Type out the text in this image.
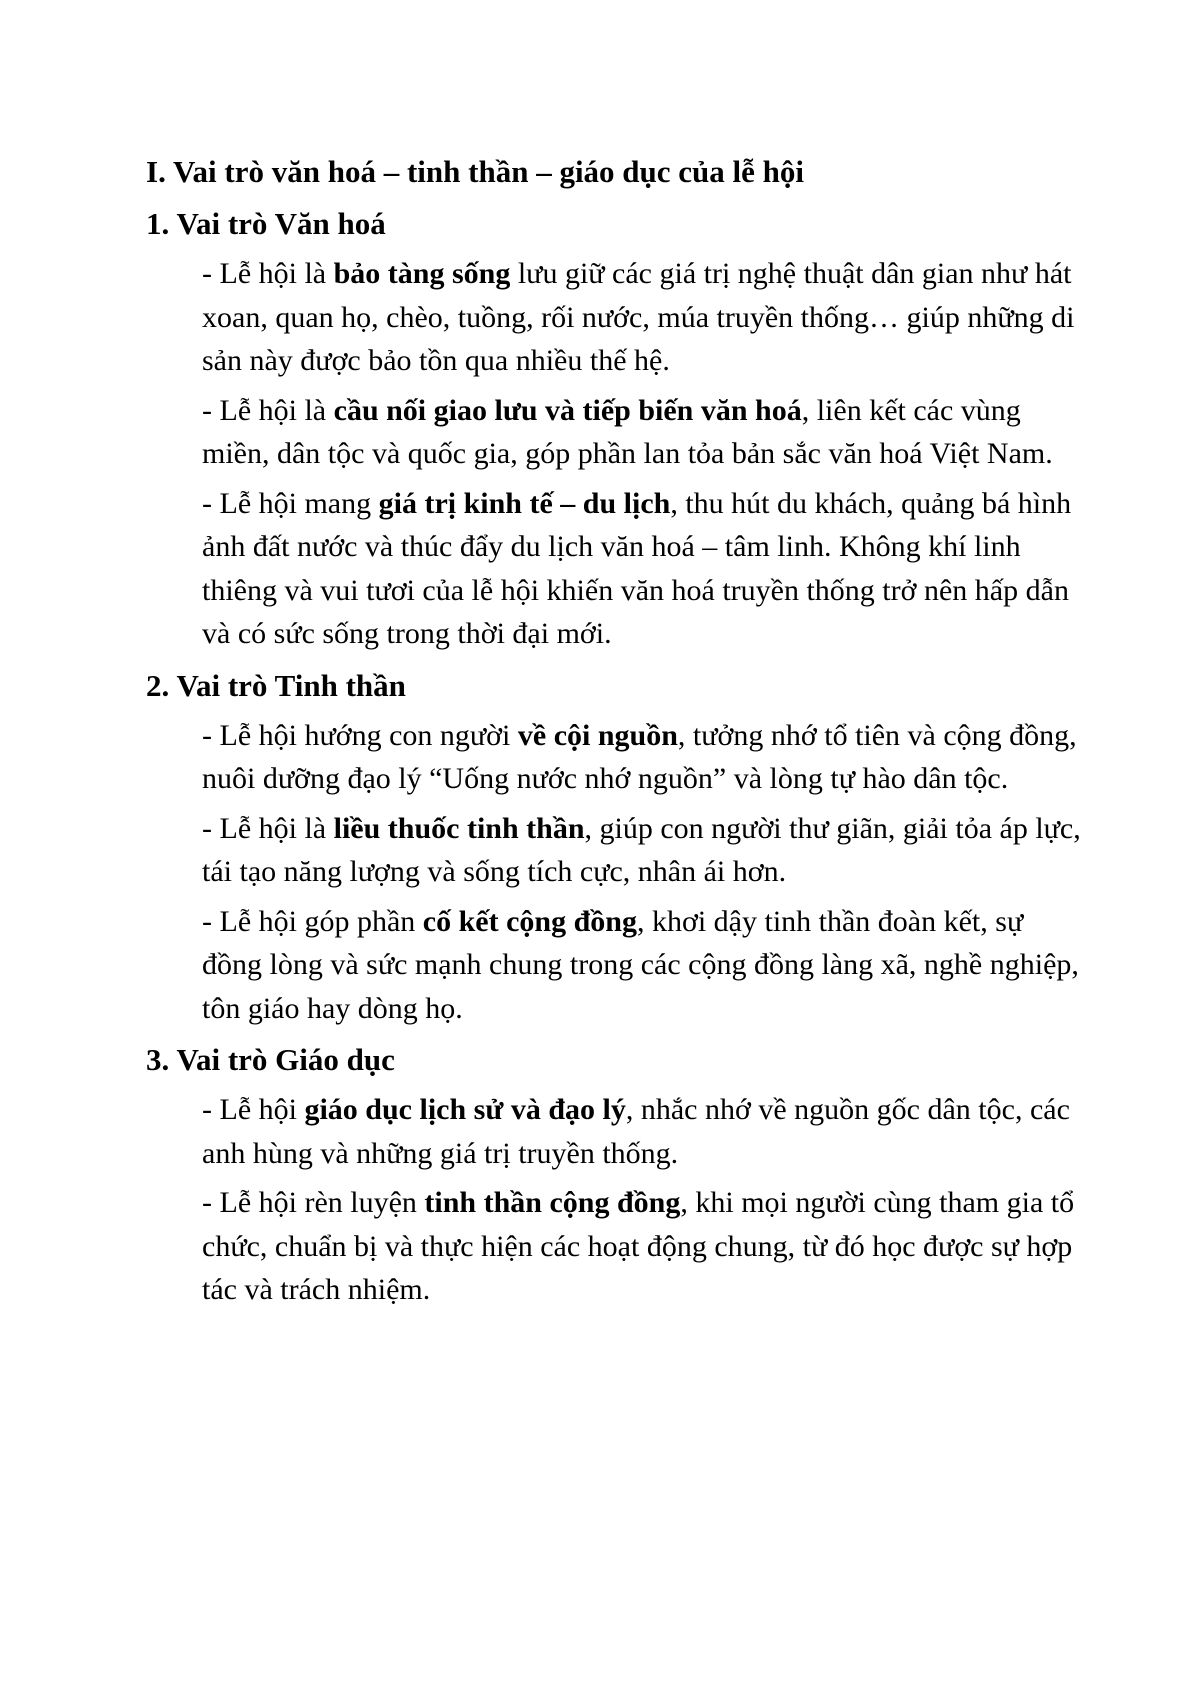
I. Vai trò văn hoá – tinh thần – giáo dục của lễ hội
1. Vai trò Văn hoá

- Lễ hội là bảo tàng sống lưu giữ các giá trị nghệ thuật dân gian như hát xoan, quan họ, chèo, tuồng, rối nước, múa truyền thống… giúp những di sản này được bảo tồn qua nhiều thế hệ.

- Lễ hội là cầu nối giao lưu và tiếp biến văn hoá, liên kết các vùng miền, dân tộc và quốc gia, góp phần lan tỏa bản sắc văn hoá Việt Nam.

- Lễ hội mang giá trị kinh tế – du lịch, thu hút du khách, quảng bá hình ảnh đất nước và thúc đẩy du lịch văn hoá – tâm linh. Không khí linh thiêng và vui tươi của lễ hội khiến văn hoá truyền thống trở nên hấp dẫn và có sức sống trong thời đại mới.

2. Vai trò Tinh thần

- Lễ hội hướng con người về cội nguồn, tưởng nhớ tổ tiên và cộng đồng, nuôi dưỡng đạo lý “Uống nước nhớ nguồn” và lòng tự hào dân tộc.

- Lễ hội là liều thuốc tinh thần, giúp con người thư giãn, giải tỏa áp lực, tái tạo năng lượng và sống tích cực, nhân ái hơn.

- Lễ hội góp phần cố kết cộng đồng, khơi dậy tinh thần đoàn kết, sự đồng lòng và sức mạnh chung trong các cộng đồng làng xã, nghề nghiệp, tôn giáo hay dòng họ.

3. Vai trò Giáo dục

- Lễ hội giáo dục lịch sử và đạo lý, nhắc nhớ về nguồn gốc dân tộc, các anh hùng và những giá trị truyền thống.

- Lễ hội rèn luyện tinh thần cộng đồng, khi mọi người cùng tham gia tổ chức, chuẩn bị và thực hiện các hoạt động chung, từ đó học được sự hợp tác và trách nhiệm.
